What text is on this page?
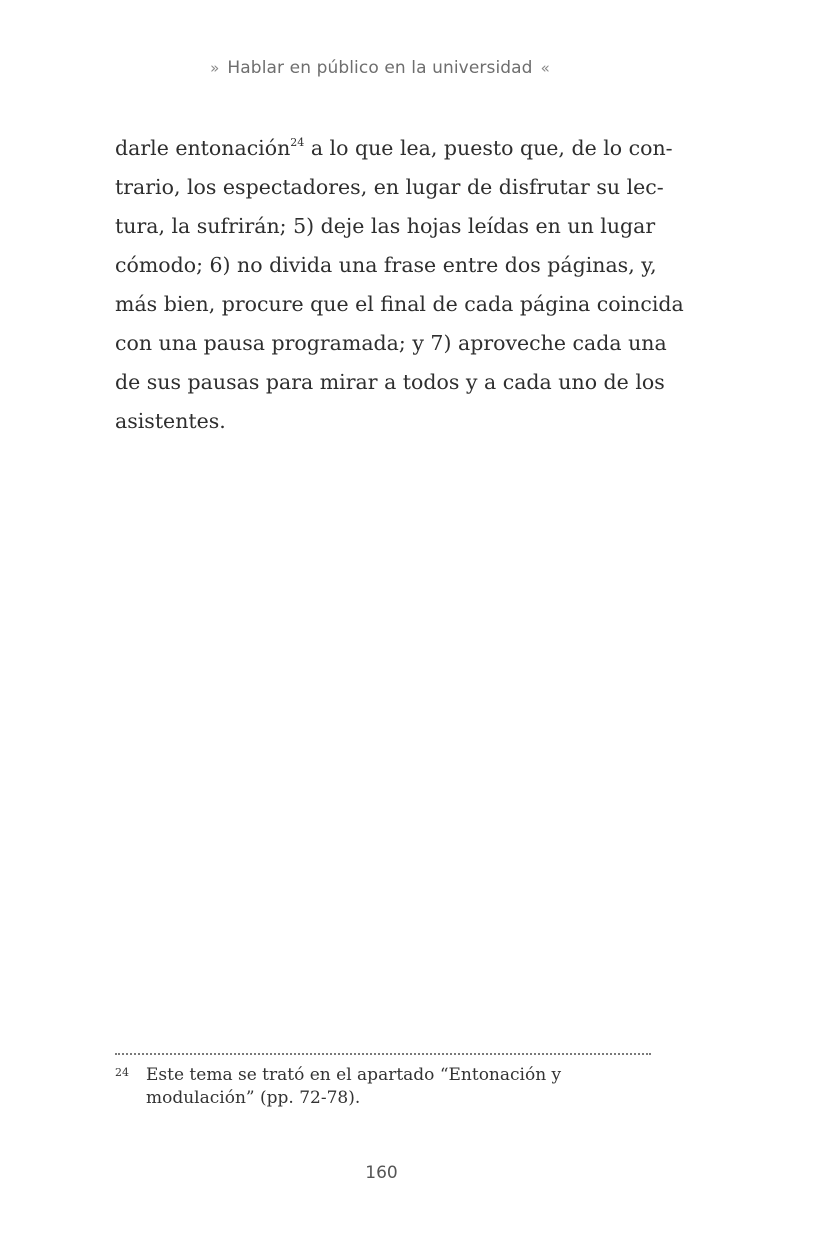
» Hablar en público en la universidad «
darle entonación$^{24}$ a lo que lea, puesto que, de lo con-
trario, los espectadores, en lugar de disfrutar su lec-
tura, la sufrirán; 5) deje las hojas leídas en un lugar
cómodo; 6) no divida una frase entre dos páginas, y,
más bien, procure que el final de cada página coincida
con una pausa programada; y 7) aproveche cada una
de sus pausas para mirar a todos y a cada uno de los
asistentes.
24 Este tema se trató en el apartado “Entonación y modulación” (pp. 72-78).
160
